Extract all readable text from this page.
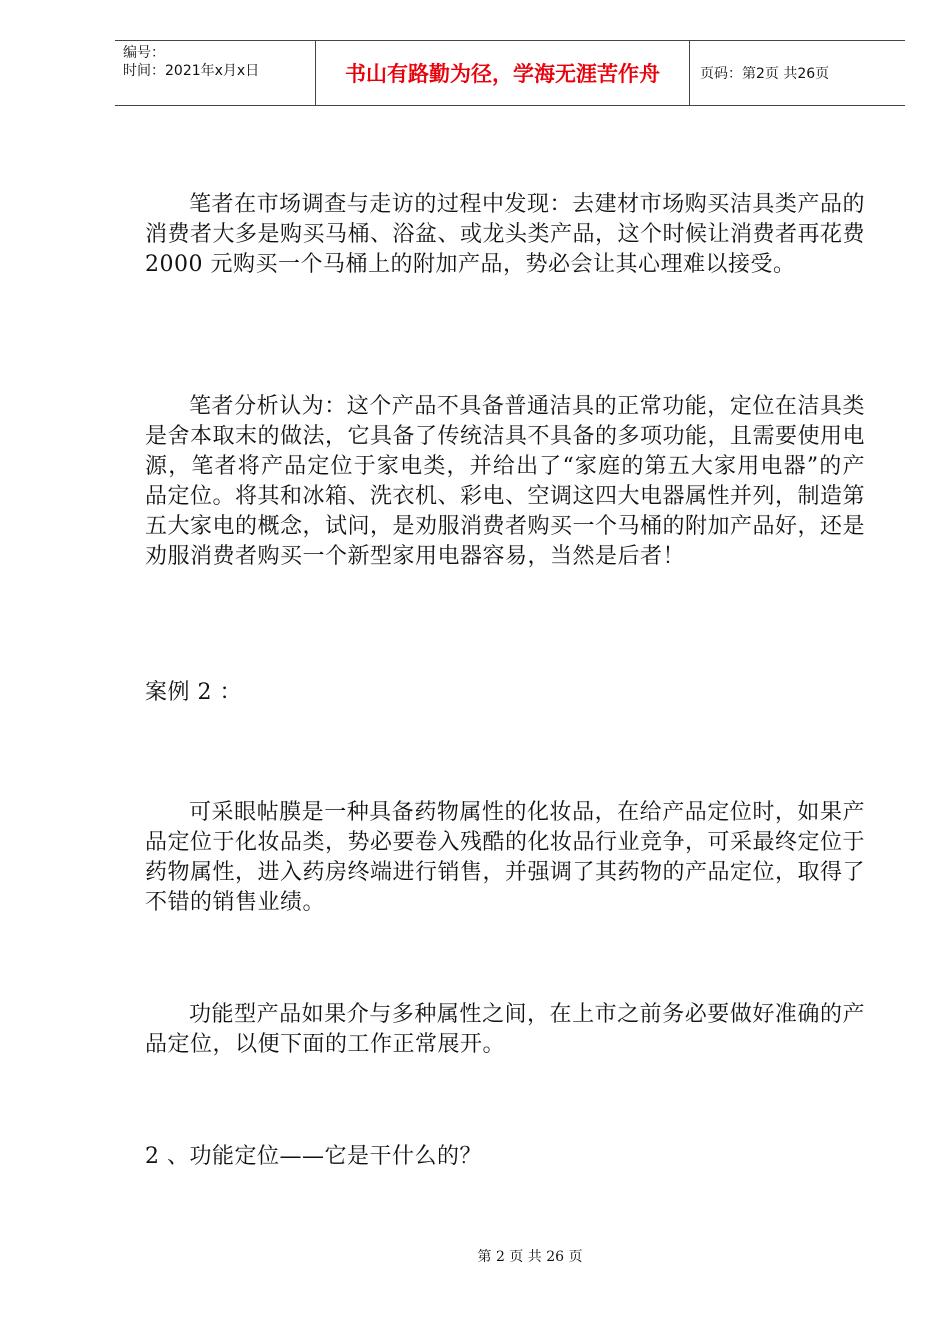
编号：
时间：2021年x月x日	书山有路勤为径，学海无涯苦作舟	页码：第2页 共26页

笔者在市场调查与走访的过程中发现：去建材市场购买洁具类产品的消费者大多是购买马桶、浴盆、或龙头类产品，这个时候让消费者再花费 2000 元购买一个马桶上的附加产品，势必会让其心理难以接受。

笔者分析认为：这个产品不具备普通洁具的正常功能，定位在洁具类是舍本取末的做法，它具备了传统洁具不具备的多项功能，且需要使用电源，笔者将产品定位于家电类，并给出了“家庭的第五大家用电器”的产品定位。将其和冰箱、洗衣机、彩电、空调这四大电器属性并列，制造第五大家电的概念，试问，是劝服消费者购买一个马桶的附加产品好，还是劝服消费者购买一个新型家用电器容易，当然是后者！

案例 2 ：

可采眼帖膜是一种具备药物属性的化妆品，在给产品定位时，如果产品定位于化妆品类，势必要卷入残酷的化妆品行业竞争，可采最终定位于药物属性，进入药房终端进行销售，并强调了其药物的产品定位，取得了不错的销售业绩。

功能型产品如果介与多种属性之间，在上市之前务必要做好准确的产品定位，以便下面的工作正常展开。

2 、功能定位——它是干什么的？

第 2 页 共 26 页
